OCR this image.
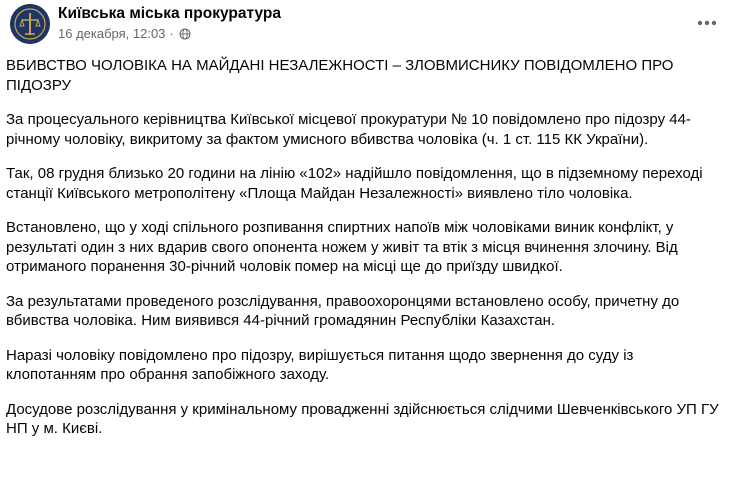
Київська міська прокуратура
16 декабря, 12:03 ·

ВБИВСТВО ЧОЛОВІКА НА МАЙДАНІ НЕЗАЛЕЖНОСТІ – ЗЛОВМИСНИКУ ПОВІДОМЛЕНО ПРО ПІДОЗРУ

За процесуального керівництва Київської місцевої прокуратури № 10 повідомлено про підозру 44-річному чоловіку, викритому за фактом умисного вбивства чоловіка (ч. 1 ст. 115 КК України).

Так, 08 грудня близько 20 години на лінію «102» надійшло повідомлення, що в підземному переході станції Київського метрополітену «Площа Майдан Незалежності» виявлено тіло чоловіка.

Встановлено, що у ході спільного розпивання спиртних напоїв між чоловіками виник конфлікт, у результаті один з них вдарив свого опонента ножем у живіт та втік з місця вчинення злочину. Від отриманого поранення 30-річний чоловік помер на місці ще до приїзду швидкої.

За результатами проведеного розслідування, правоохоронцями встановлено особу, причетну до вбивства чоловіка. Ним виявився 44-річний громадянин Республіки Казахстан.

Наразі чоловіку повідомлено про підозру, вирішується питання щодо звернення до суду із клопотанням про обрання запобіжного заходу.

Досудове розслідування у кримінальному провадженні здійснюється слідчими Шевченківського УП ГУ НП у м. Києві.
